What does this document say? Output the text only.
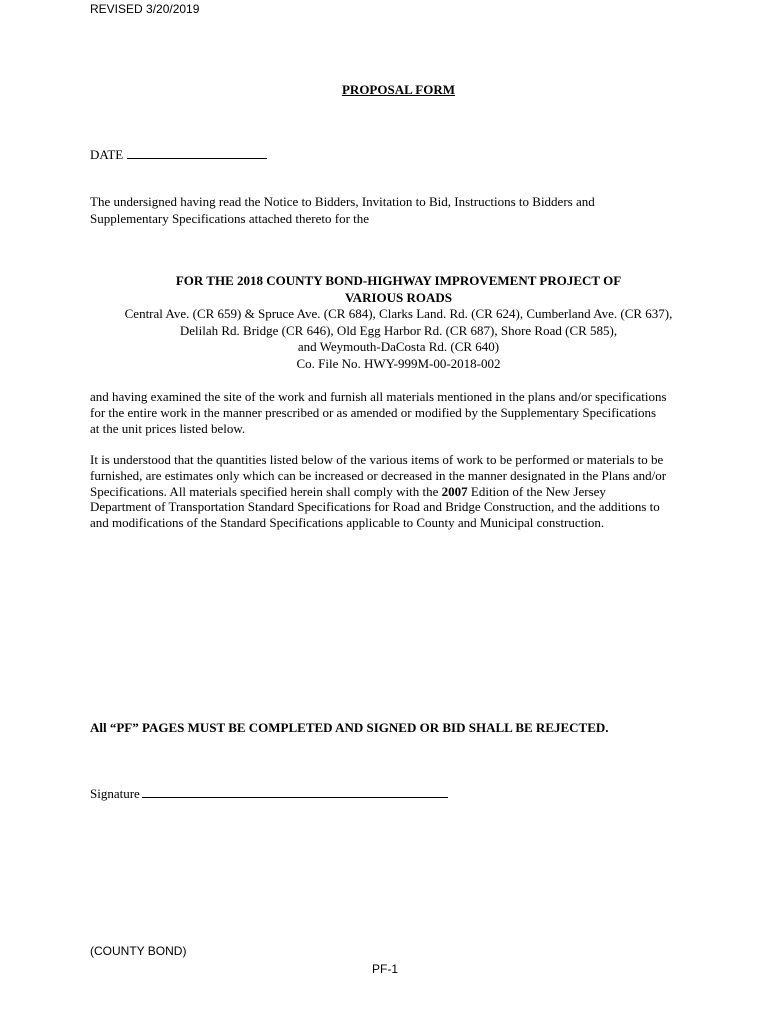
REVISED 3/20/2019
PROPOSAL FORM
DATE
The undersigned having read the Notice to Bidders, Invitation to Bid, Instructions to Bidders and
Supplementary Specifications attached thereto for the
FOR THE 2018 COUNTY BOND-HIGHWAY IMPROVEMENT PROJECT OF
VARIOUS ROADS
Central Ave. (CR 659) & Spruce Ave. (CR 684), Clarks Land. Rd. (CR 624), Cumberland Ave. (CR 637),
Delilah Rd. Bridge (CR 646), Old Egg Harbor Rd. (CR 687), Shore Road (CR 585),
and Weymouth-DaCosta Rd. (CR 640)
Co. File No. HWY-999M-00-2018-002
and having examined the site of the work and furnish all materials mentioned in the plans and/or specifications
for the entire work in the manner prescribed or as amended or modified by the Supplementary Specifications
at the unit prices listed below.
It is understood that the quantities listed below of the various items of work to be performed or materials to be
furnished, are estimates only which can be increased or decreased in the manner designated in the Plans and/or
Specifications. All materials specified herein shall comply with the 2007 Edition of the New Jersey
Department of Transportation Standard Specifications for Road and Bridge Construction, and the additions to
and modifications of the Standard Specifications applicable to County and Municipal construction.
All “PF” PAGES MUST BE COMPLETED AND SIGNED OR BID SHALL BE REJECTED.
Signature
(COUNTY BOND)
PF-1
